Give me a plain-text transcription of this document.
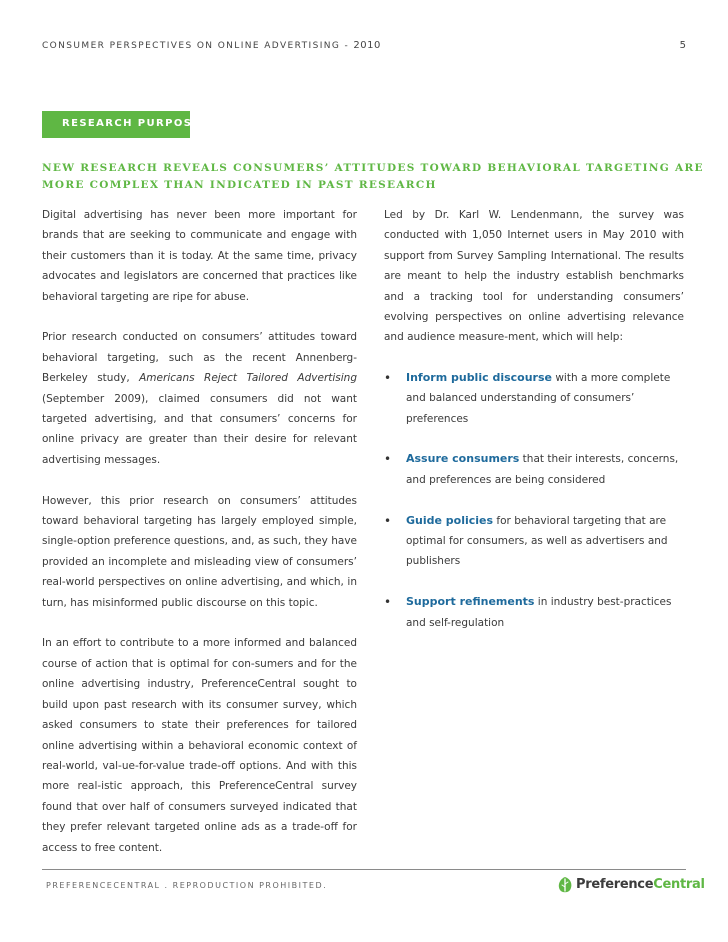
CONSUMER PERSPECTIVES ON ONLINE ADVERTISING - 2010	5
RESEARCH PURPOSE
NEW RESEARCH REVEALS CONSUMERS’ ATTITUDES TOWARD BEHAVIORAL TARGETING ARE
MORE COMPLEX THAN INDICATED IN PAST RESEARCH

Digital advertising has never been more important for brands that are seeking to communicate and engage with their customers than it is today. At the same time, privacy advocates and legislators are concerned that practices like behavioral targeting are ripe for abuse.

Prior research conducted on consumers’ attitudes toward behavioral targeting, such as the recent Annenberg-Berkeley study, Americans Reject Tailored Advertising (September 2009), claimed consumers did not want targeted advertising, and that consumers’ concerns for online privacy are greater than their desire for relevant advertising messages.

However, this prior research on consumers’ attitudes toward behavioral targeting has largely employed simple, single-option preference questions, and, as such, they have provided an incomplete and misleading view of consumers’ real-world perspectives on online advertising, and which, in turn, has misinformed public discourse on this topic.

In an effort to contribute to a more informed and balanced course of action that is optimal for con-sumers and for the online advertising industry, PreferenceCentral sought to build upon past research with its consumer survey, which asked consumers to state their preferences for tailored online advertising within a behavioral economic context of real-world, val-ue-for-value trade-off options. And with this more real-istic approach, this PreferenceCentral survey found that over half of consumers surveyed indicated that they prefer relevant targeted online ads as a trade-off for access to free content.

Led by Dr. Karl W. Lendenmann, the survey was conducted with 1,050 Internet users in May 2010 with support from Survey Sampling International. The results are meant to help the industry establish benchmarks and a tracking tool for understanding consumers’ evolving perspectives on online advertising relevance and audience measure-ment, which will help:

• Inform public discourse with a more complete and balanced understanding of consumers’ preferences
• Assure consumers that their interests, concerns, and preferences are being considered
• Guide policies for behavioral targeting that are optimal for consumers, as well as advertisers and publishers
• Support refinements in industry best-practices and self-regulation
PREFERENCECENTRAL . REPRODUCTION PROHIBITED.	PreferenceCentral
